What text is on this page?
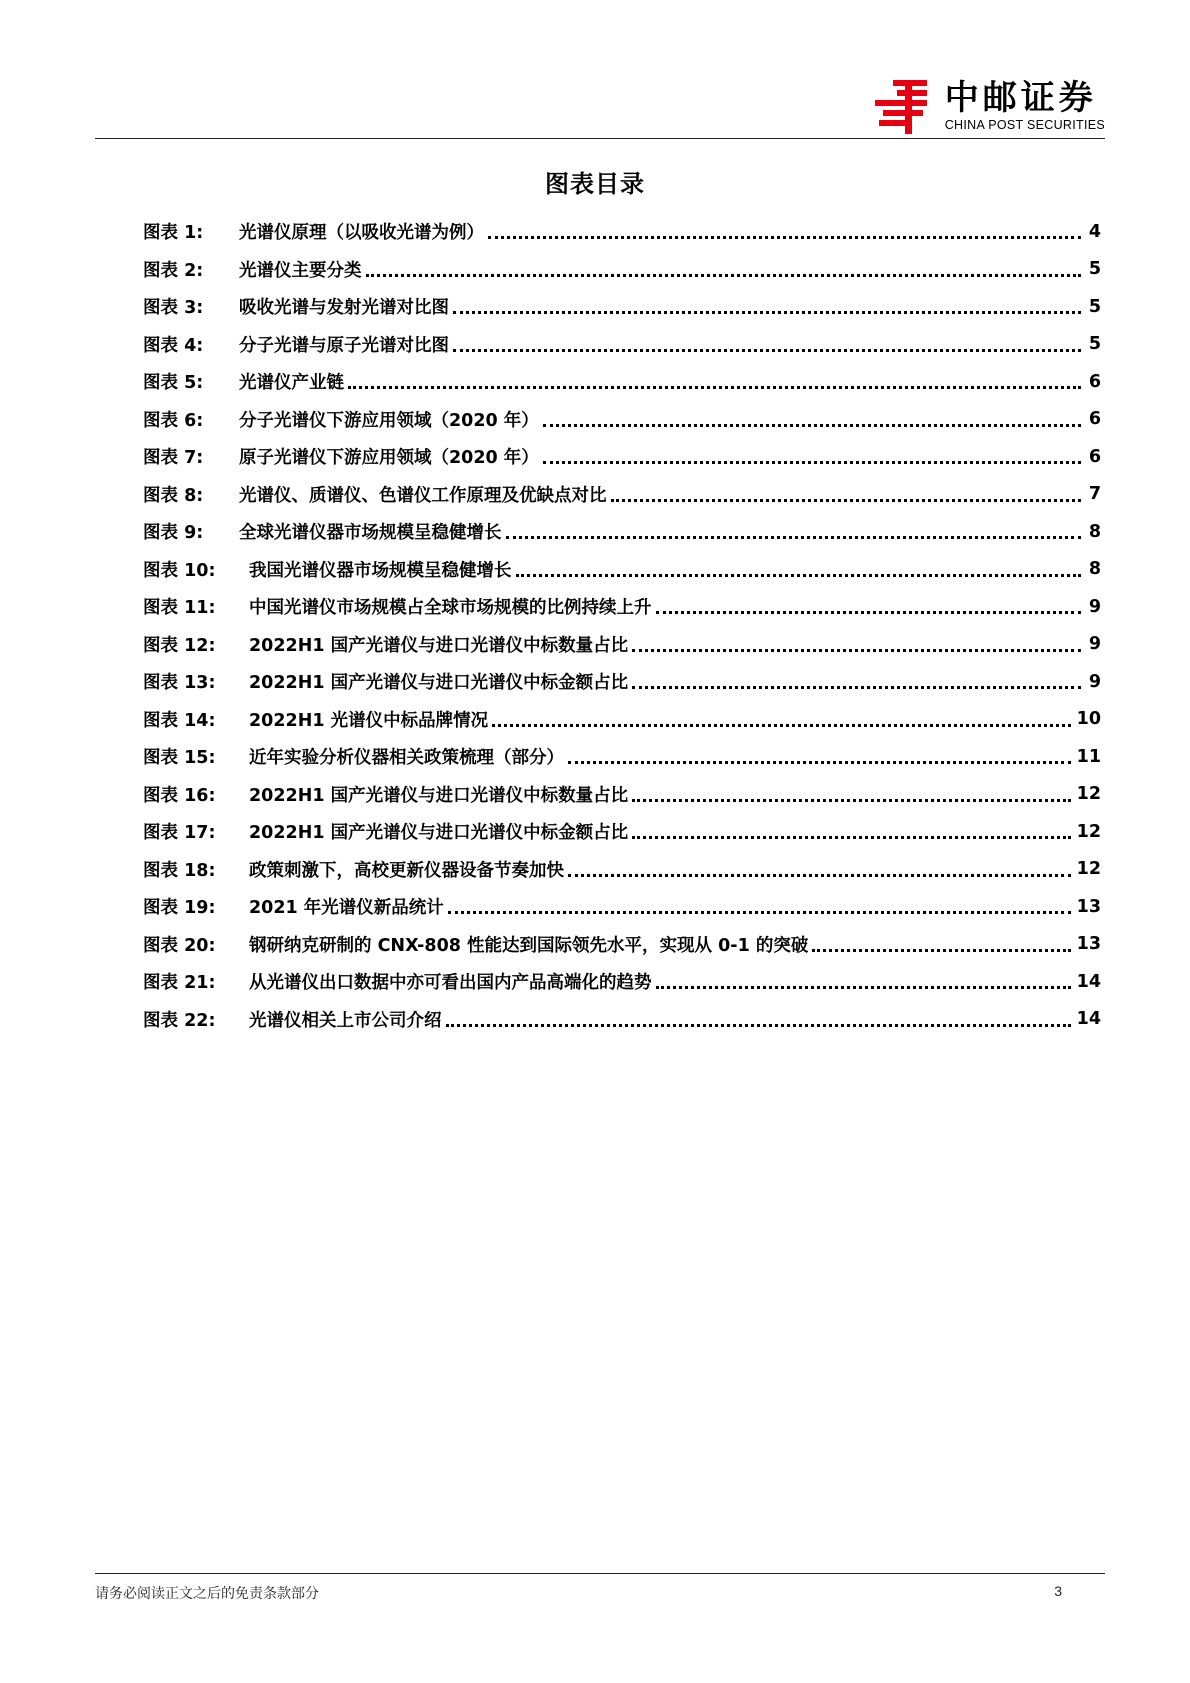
中邮证券
CHINA POST SECURITIES
图表目录
图表 1:	光谱仪原理（以吸收光谱为例）	4
图表 2:	光谱仪主要分类	5
图表 3:	吸收光谱与发射光谱对比图	5
图表 4:	分子光谱与原子光谱对比图	5
图表 5:	光谱仪产业链	6
图表 6:	分子光谱仪下游应用领域（2020 年）	6
图表 7:	原子光谱仪下游应用领域（2020 年）	6
图表 8:	光谱仪、质谱仪、色谱仪工作原理及优缺点对比	7
图表 9:	全球光谱仪器市场规模呈稳健增长	8
图表 10:	我国光谱仪器市场规模呈稳健增长	8
图表 11:	中国光谱仪市场规模占全球市场规模的比例持续上升	9
图表 12:	2022H1 国产光谱仪与进口光谱仪中标数量占比	9
图表 13:	2022H1 国产光谱仪与进口光谱仪中标金额占比	9
图表 14:	2022H1 光谱仪中标品牌情况	10
图表 15:	近年实验分析仪器相关政策梳理（部分）	11
图表 16:	2022H1 国产光谱仪与进口光谱仪中标数量占比	12
图表 17:	2022H1 国产光谱仪与进口光谱仪中标金额占比	12
图表 18:	政策刺激下，高校更新仪器设备节奏加快	12
图表 19:	2021 年光谱仪新品统计	13
图表 20:	钢研纳克研制的 CNX-808 性能达到国际领先水平，实现从 0-1 的突破	13
图表 21:	从光谱仪出口数据中亦可看出国内产品高端化的趋势	14
图表 22:	光谱仪相关上市公司介绍	14
请务必阅读正文之后的免责条款部分	3
